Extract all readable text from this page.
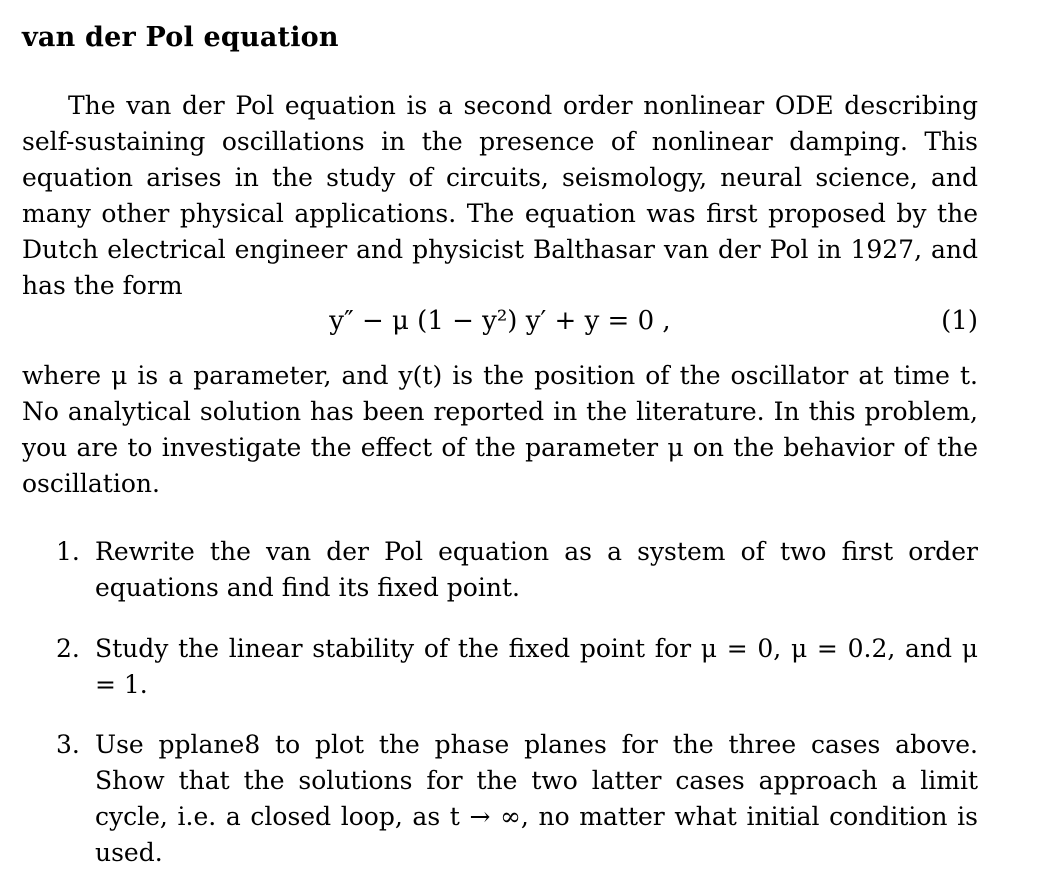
van der Pol equation

The van der Pol equation is a second order nonlinear ODE describing self-sustaining oscillations in the presence of nonlinear damping. This equation arises in the study of circuits, seismology, neural science, and many other physical applications. The equation was first proposed by the Dutch electrical engineer and physicist Balthasar van der Pol in 1927, and has the form

y″ − μ (1 − y²) y′ + y = 0 ,	(1)

where μ is a parameter, and y(t) is the position of the oscillator at time t. No analytical solution has been reported in the literature. In this problem, you are to investigate the effect of the parameter μ on the behavior of the oscillation.

1. Rewrite the van der Pol equation as a system of two first order equations and find its fixed point.
2. Study the linear stability of the fixed point for μ = 0, μ = 0.2, and μ = 1.
3. Use pplane8 to plot the phase planes for the three cases above. Show that the solutions for the two latter cases approach a limit cycle, i.e. a closed loop, as t → ∞, no matter what initial condition is used.
